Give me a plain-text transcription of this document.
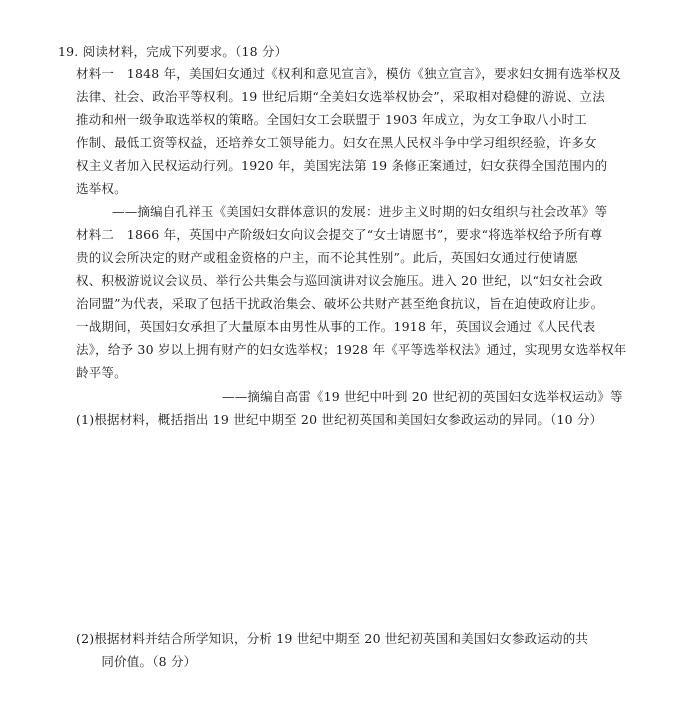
19. 阅读材料，完成下列要求。（18 分）
材料一　1848 年，美国妇女通过《权利和意见宣言》，模仿《独立宣言》，要求妇女拥有选举权及
法律、社会、政治平等权利。19 世纪后期“全美妇女选举权协会”，采取相对稳健的游说、立法
推动和州一级争取选举权的策略。全国妇女工会联盟于 1903 年成立，为女工争取八小时工
作制、最低工资等权益，还培养女工领导能力。妇女在黑人民权斗争中学习组织经验，许多女
权主义者加入民权运动行列。1920 年，美国宪法第 19 条修正案通过，妇女获得全国范围内的
选举权。
——摘编自孔祥玉《美国妇女群体意识的发展：进步主义时期的妇女组织与社会改革》等
材料二　1866 年，英国中产阶级妇女向议会提交了“女士请愿书”，要求“将选举权给予所有尊
贵的议会所决定的财产或租金资格的户主，而不论其性别”。此后，英国妇女通过行使请愿
权、积极游说议会议员、举行公共集会与巡回演讲对议会施压。进入 20 世纪，以“妇女社会政
治同盟”为代表，采取了包括干扰政治集会、破坏公共财产甚至绝食抗议，旨在迫使政府让步。
一战期间，英国妇女承担了大量原本由男性从事的工作。1918 年，英国议会通过《人民代表
法》，给予 30 岁以上拥有财产的妇女选举权；1928 年《平等选举权法》通过，实现男女选举权年
龄平等。
——摘编自高雷《19 世纪中叶到 20 世纪初的英国妇女选举权运动》等
(1)根据材料，概括指出 19 世纪中期至 20 世纪初英国和美国妇女参政运动的异同。（10 分）
(2)根据材料并结合所学知识，分析 19 世纪中期至 20 世纪初英国和美国妇女参政运动的共
　　同价值。（8 分）
